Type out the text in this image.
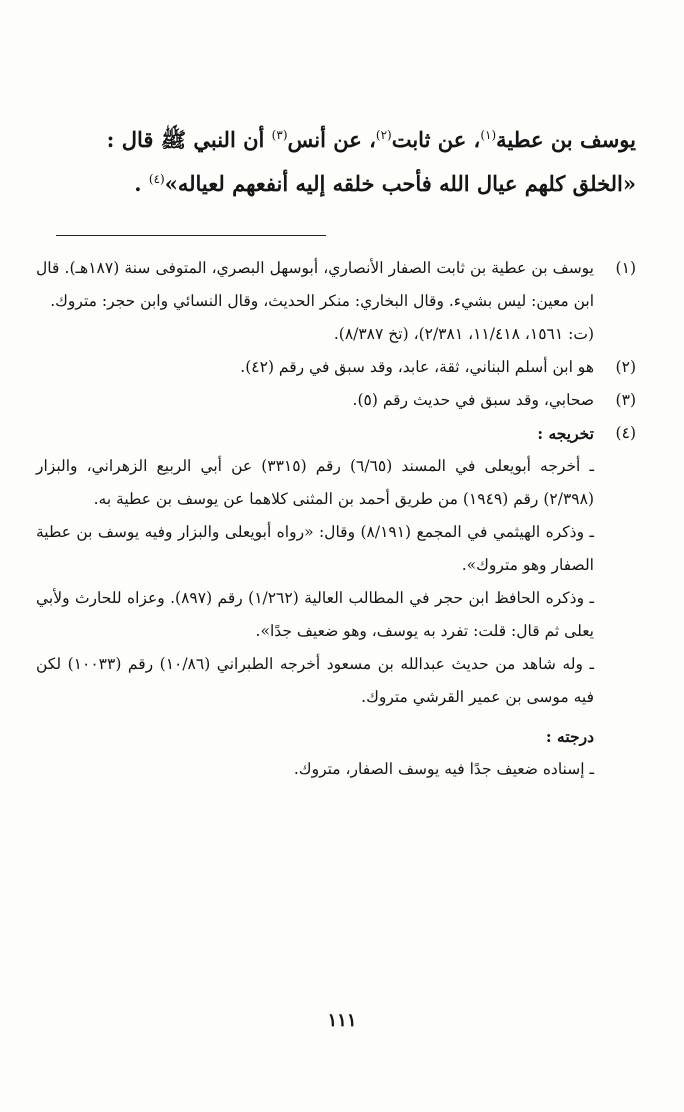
يوسف بن عطية$^{(١)}$، عن ثابت$^{(٢)}$، عن أنس$^{(٣)}$ أن النبي ﷺ قال :

«الخلق كلهم عيال الله فأحب خلقه إليه أنفعهم لعياله»$^{(٤)}$ .

(١)

يوسف بن عطية بن ثابت الصفار الأنصاري، أبوسهل البصري، المتوفى سنة (١٨٧هـ). قال ابن معين: ليس بشيء. وقال البخاري: منكر الحديث، وقال النسائي وابن حجر: متروك.

(ت: ١٥٦١، ١١/٤١٨، ٢/٣٨١)، (تخ ٨/٣٨٧).

(٢)

هو ابن أسلم البناني، ثقة، عابد، وقد سبق في رقم (٤٢).

(٣)

صحابي، وقد سبق في حديث رقم (٥).

(٤)

تخريجه :

ـ أخرجه أبويعلى في المسند (٦/٦٥) رقم (٣٣١٥) عن أبي الربيع الزهراني، والبزار (٢/٣٩٨) رقم (١٩٤٩) من طريق أحمد بن المثنى كلاهما عن يوسف بن عطية به.

ـ وذكره الهيثمي في المجمع (٨/١٩١) وقال: «رواه أبويعلى والبزار وفيه يوسف بن عطية الصفار وهو متروك».

ـ وذكره الحافظ ابن حجر في المطالب العالية (١/٢٦٢) رقم (٨٩٧). وعزاه للحارث ولأبي يعلى ثم قال: قلت: تفرد به يوسف، وهو ضعيف جدًا».

ـ وله شاهد من حديث عبدالله بن مسعود أخرجه الطبراني (١٠/٨٦) رقم (١٠٠٣٣) لكن فيه موسى بن عمير القرشي متروك.

درجته :

ـ إسناده ضعيف جدًا فيه يوسف الصفار، متروك.

١١١
